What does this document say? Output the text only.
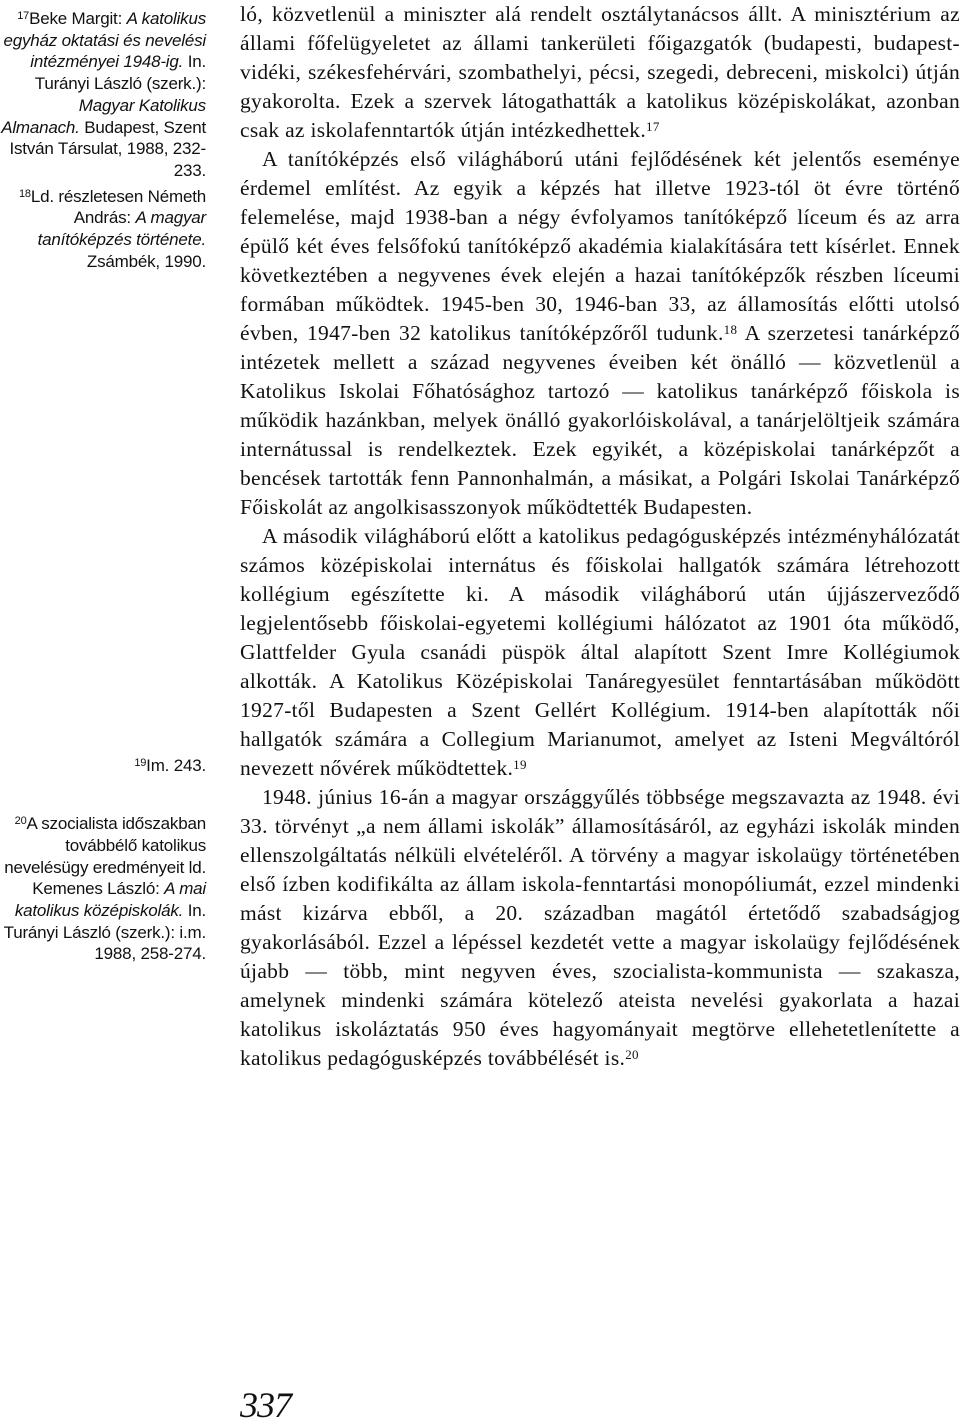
$^{17}$Beke Margit: A katolikus egyház oktatási és nevelési intézményei 1948-ig. In. Turányi László (szerk.): Magyar Katolikus Almanach. Budapest, Szent István Társulat, 1988, 232-233.

$^{18}$Ld. részletesen Németh András: A magyar tanítóképzés története. Zsámbék, 1990.

$^{19}$Im. 243.

$^{20}$A szocialista időszakban továbbélő katolikus nevelésügy eredményeit ld. Kemenes László: A mai katolikus középiskolák. In. Turányi László (szerk.): i.m. 1988, 258-274.

ló, közvetlenül a miniszter alá rendelt osztálytanácsos állt. A minisztérium az állami főfelügyeletet az állami tankerületi főigazgatók (budapesti, budapest-vidéki, székesfehérvári, szombathelyi, pécsi, szegedi, debreceni, miskolci) útján gyakorolta. Ezek a szervek látogathatták a katolikus középiskolákat, azonban csak az iskolafenntartók útján intézkedhettek.$^{17}$

A tanítóképzés első világháború utáni fejlődésének két jelentős eseménye érdemel említést. Az egyik a képzés hat illetve 1923-tól öt évre történő felemelése, majd 1938-ban a négy évfolyamos tanítóképző líceum és az arra épülő két éves felsőfokú tanítóképző akadémia kialakítására tett kísérlet. Ennek következtében a negyvenes évek elején a hazai tanítóképzők részben líceumi formában működtek. 1945-ben 30, 1946-ban 33, az államosítás előtti utolsó évben, 1947-ben 32 katolikus tanítóképzőről tudunk.$^{18}$ A szerzetesi tanárképző intézetek mellett a század negyvenes éveiben két önálló — közvetlenül a Katolikus Iskolai Főhatósághoz tartozó — katolikus tanárképző főiskola is működik hazánkban, melyek önálló gyakorlóiskolával, a tanárjelöltjeik számára internátussal is rendelkeztek. Ezek egyikét, a középiskolai tanárképzőt a bencések tartották fenn Pannonhalmán, a másikat, a Polgári Iskolai Tanárképző Főiskolát az angolkisasszonyok működtették Budapesten.

A második világháború előtt a katolikus pedagógusképzés intézményhálózatát számos középiskolai internátus és főiskolai hallgatók számára létrehozott kollégium egészítette ki. A második világháború után újjászerveződő legjelentősebb főiskolai-egyetemi kollégiumi hálózatot az 1901 óta működő, Glattfelder Gyula csanádi püspök által alapított Szent Imre Kollégiumok alkották. A Katolikus Középiskolai Tanáregyesület fenntartásában működött 1927-től Budapesten a Szent Gellért Kollégium. 1914-ben alapították női hallgatók számára a Collegium Marianumot, amelyet az Isteni Megváltóról nevezett nővérek működtettek.$^{19}$

1948. június 16-án a magyar országgyűlés többsége megszavazta az 1948. évi 33. törvényt „a nem állami iskolák” államosításáról, az egyházi iskolák minden ellenszolgáltatás nélküli elvételéről. A törvény a magyar iskolaügy történetében első ízben kodifikálta az állam iskola-fenntartási monopóliumát, ezzel mindenki mást kizárva ebből, a 20. században magától értetődő szabadságjog gyakorlásából. Ezzel a lépéssel kezdetét vette a magyar iskolaügy fejlődésének újabb — több, mint negyven éves, szocialista-kommunista — szakasza, amelynek mindenki számára kötelező ateista nevelési gyakorlata a hazai katolikus iskoláztatás 950 éves hagyományait megtörve ellehetetlenítette a katolikus pedagógusképzés továbbélését is.$^{20}$

337
